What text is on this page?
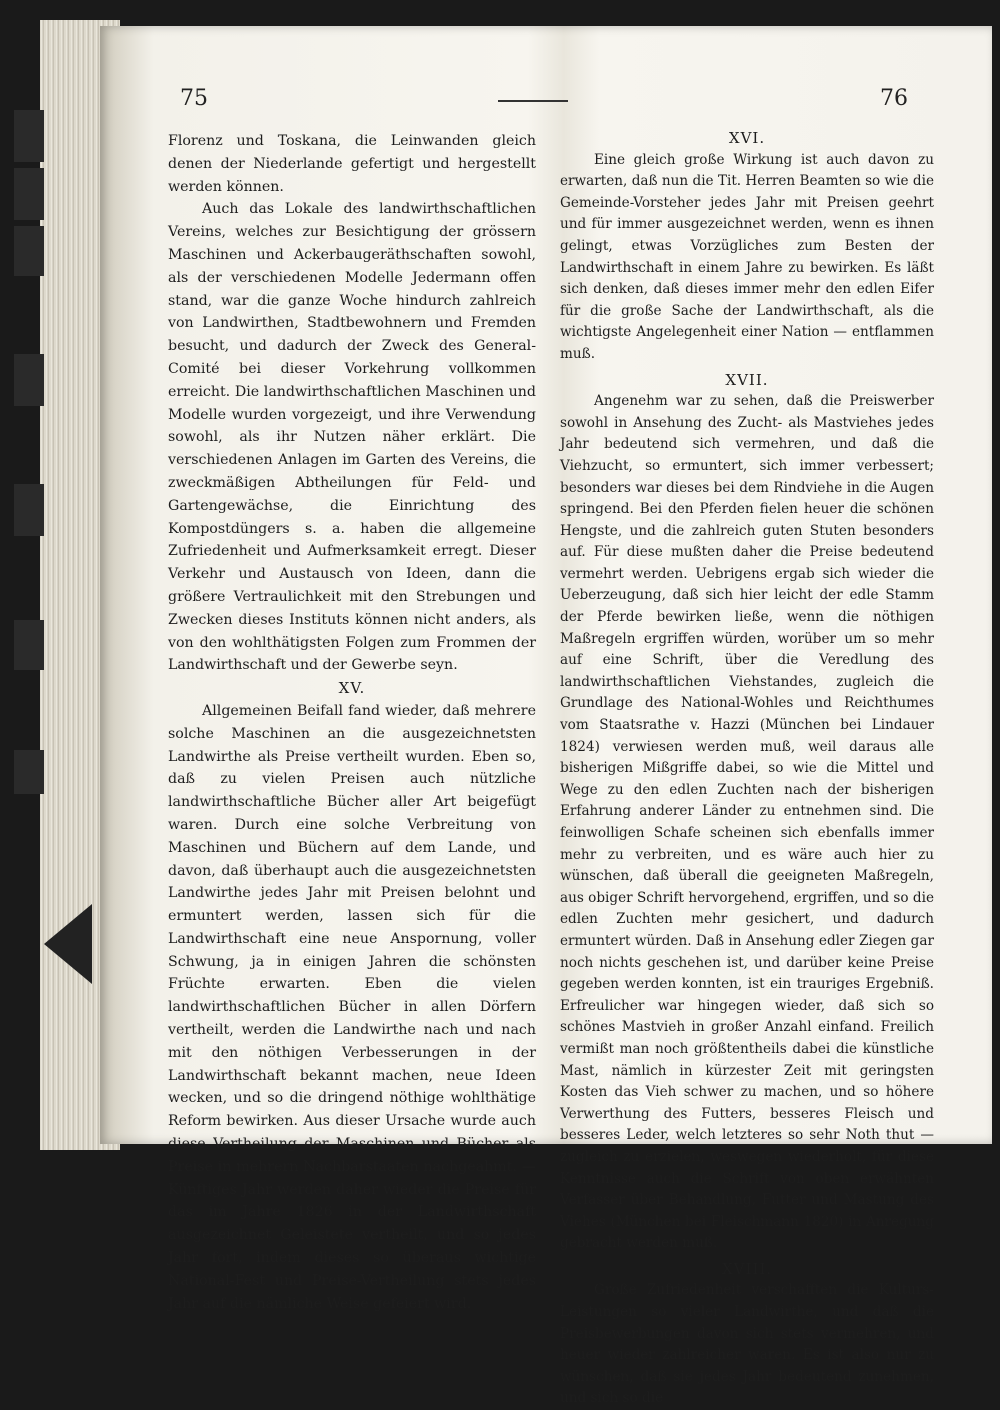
75	76

Florenz und Toskana, die Leinwanden gleich denen der Niederlande gefertigt und hergestellt werden können.

Auch das Lokale des landwirthschaftlichen Vereins, welches zur Besichtigung der grössern Maschinen und Ackerbaugeräthschaften sowohl, als der verschiedenen Modelle Jedermann offen stand, war die ganze Woche hindurch zahlreich von Landwirthen, Stadtbewohnern und Fremden besucht, und dadurch der Zweck des General-Comité bei dieser Vorkehrung vollkommen erreicht. Die landwirthschaftlichen Maschinen und Modelle wurden vorgezeigt, und ihre Verwendung sowohl, als ihr Nutzen näher erklärt. Die verschiedenen Anlagen im Garten des Vereins, die zweckmäßigen Abtheilungen für Feld- und Gartengewächse, die Einrichtung des Kompostdüngers s. a. haben die allgemeine Zufriedenheit und Aufmerksamkeit erregt. Dieser Verkehr und Austausch von Ideen, dann die größere Vertraulichkeit mit den Strebungen und Zwecken dieses Instituts können nicht anders, als von den wohlthätigsten Folgen zum Frommen der Landwirthschaft und der Gewerbe seyn.

XV.

Allgemeinen Beifall fand wieder, daß mehrere solche Maschinen an die ausgezeichnetsten Landwirthe als Preise vertheilt wurden. Eben so, daß zu vielen Preisen auch nützliche landwirthschaftliche Bücher aller Art beigefügt waren. Durch eine solche Verbreitung von Maschinen und Büchern auf dem Lande, und davon, daß überhaupt auch die ausgezeichnetsten Landwirthe jedes Jahr mit Preisen belohnt und ermuntert werden, lassen sich für die Landwirthschaft eine neue Anspornung, voller Schwung, ja in einigen Jahren die schönsten Früchte erwarten. Eben die vielen landwirthschaftlichen Bücher in allen Dörfern vertheilt, werden die Landwirthe nach und nach mit den nöthigen Verbesserungen in der Landwirthschaft bekannt machen, neue Ideen wecken, und so die dringend nöthige wohlthätige Reform bewirken. Aus dieser Ursache wurde auch diese Vertheilung der Maschinen und Bücher als Preise in mehrern Nachbarstaaten nachgeahmt. — Künftiges Jahr werden daher wieder die Preise für das im Jahre 1826 in der Landwirthschaft ausgezeichnet Geleistete vertheilt, und so jedes Jahr fort, indem dieses so überaus wichtige National-Fest und Preise-Vertheilung stets jedes Jahr auf die nämliche Weise gefeiert wird.

XVI.

Eine gleich große Wirkung ist auch davon zu erwarten, daß nun die Tit. Herren Beamten so wie die Gemeinde-Vorsteher jedes Jahr mit Preisen geehrt und für immer ausgezeichnet werden, wenn es ihnen gelingt, etwas Vorzügliches zum Besten der Landwirthschaft in einem Jahre zu bewirken. Es läßt sich denken, daß dieses immer mehr den edlen Eifer für die große Sache der Landwirthschaft, als die wichtigste Angelegenheit einer Nation — entflammen muß.

XVII.

Angenehm war zu sehen, daß die Preiswerber sowohl in Ansehung des Zucht- als Mastviehes jedes Jahr bedeutend sich vermehren, und daß die Viehzucht, so ermuntert, sich immer verbessert; besonders war dieses bei dem Rindviehe in die Augen springend. Bei den Pferden fielen heuer die schönen Hengste, und die zahlreich guten Stuten besonders auf. Für diese mußten daher die Preise bedeutend vermehrt werden. Uebrigens ergab sich wieder die Ueberzeugung, daß sich hier leicht der edle Stamm der Pferde bewirken ließe, wenn die nöthigen Maßregeln ergriffen würden, worüber um so mehr auf eine Schrift, über die Veredlung des landwirthschaftlichen Viehstandes, zugleich die Grundlage des National-Wohles und Reichthumes vom Staatsrathe v. Hazzi (München bei Lindauer 1824) verwiesen werden muß, weil daraus alle bisherigen Mißgriffe dabei, so wie die Mittel und Wege zu den edlen Zuchten nach der bisherigen Erfahrung anderer Länder zu entnehmen sind. Die feinwolligen Schafe scheinen sich ebenfalls immer mehr zu verbreiten, und es wäre auch hier zu wünschen, daß überall die geeigneten Maßregeln, aus obiger Schrift hervorgehend, ergriffen, und so die edlen Zuchten mehr gesichert, und dadurch ermuntert würden. Daß in Ansehung edler Ziegen gar noch nichts geschehen ist, und darüber keine Preise gegeben werden konnten, ist ein trauriges Ergebniß. Erfreulicher war hingegen wieder, daß sich so schönes Mastvieh in großer Anzahl einfand. Freilich vermißt man noch größtentheils dabei die künstliche Mast, nämlich in kürzester Zeit mit geringsten Kosten das Vieh schwer zu machen, und so höhere Verwerthung des Futters, besseres Fleisch und besseres Leder, welch letzteres so sehr Noth thut — zugleich zu erzielen, weswegen wiederholt, für diese Kenntnisse auch die Schrift von oben erwähnten Verfasser über Behandlung, Futter und Mastung des Viehes (München bei Fleischmann 1820) in Anregung gebracht werden muß.

XVIII.

Große Zufriedenheit verschafften die Kulturs-Leistungen so vieler Landwirthe, und daß die Preisbewerbungen davon sich stets vermehren, und heuer wieder zahlreicher waren. Es ist also nur zu wünschen, daß sie jedes Jahr bedeutend zunehmen, und sich so die
